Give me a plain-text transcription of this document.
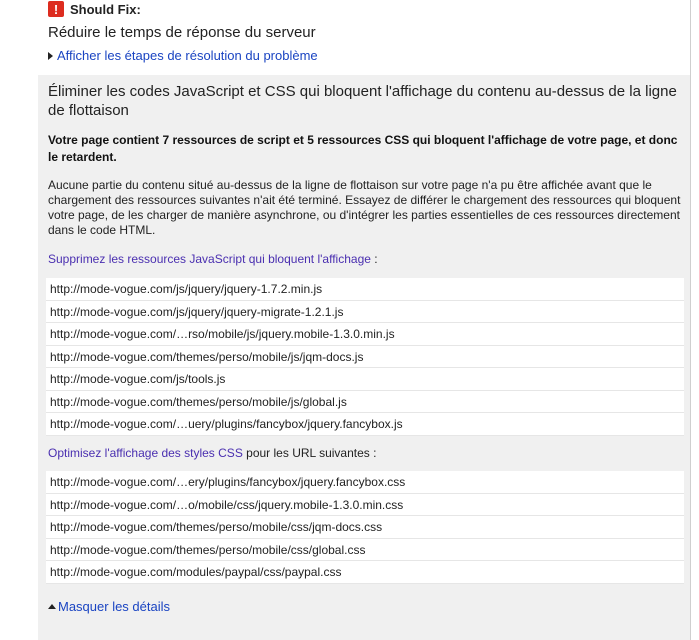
! Should Fix:
Réduire le temps de réponse du serveur
Afficher les étapes de résolution du problème
Éliminer les codes JavaScript et CSS qui bloquent l'affichage du contenu au-dessus de la ligne de flottaison
Votre page contient 7 ressources de script et 5 ressources CSS qui bloquent l'affichage de votre page, et donc le retardent.
Aucune partie du contenu situé au-dessus de la ligne de flottaison sur votre page n'a pu être affichée avant que le chargement des ressources suivantes n'ait été terminé. Essayez de différer le chargement des ressources qui bloquent votre page, de les charger de manière asynchrone, ou d'intégrer les parties essentielles de ces ressources directement dans le code HTML.
Supprimez les ressources JavaScript qui bloquent l'affichage :
http://mode-vogue.com/js/jquery/jquery-1.7.2.min.js
http://mode-vogue.com/js/jquery/jquery-migrate-1.2.1.js
http://mode-vogue.com/…rso/mobile/js/jquery.mobile-1.3.0.min.js
http://mode-vogue.com/themes/perso/mobile/js/jqm-docs.js
http://mode-vogue.com/js/tools.js
http://mode-vogue.com/themes/perso/mobile/js/global.js
http://mode-vogue.com/…uery/plugins/fancybox/jquery.fancybox.js
Optimisez l'affichage des styles CSS pour les URL suivantes :
http://mode-vogue.com/…ery/plugins/fancybox/jquery.fancybox.css
http://mode-vogue.com/…o/mobile/css/jquery.mobile-1.3.0.min.css
http://mode-vogue.com/themes/perso/mobile/css/jqm-docs.css
http://mode-vogue.com/themes/perso/mobile/css/global.css
http://mode-vogue.com/modules/paypal/css/paypal.css
Masquer les détails
